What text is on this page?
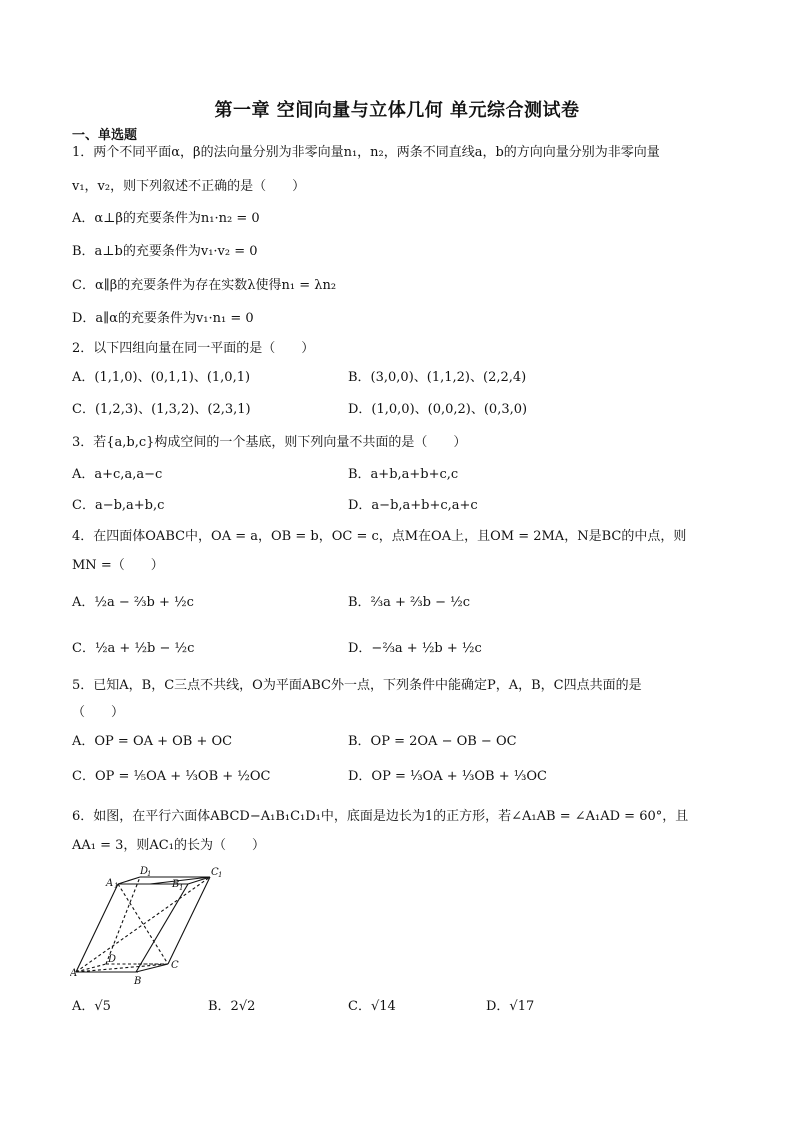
第一章 空间向量与立体几何 单元综合测试卷
一、单选题
1．两个不同平面α，β的法向量分别为非零向量n₁，n₂，两条不同直线a，b的方向向量分别为非零向量
v₁，v₂，则下列叙述不正确的是（　　）
A．α⊥β的充要条件为n₁·n₂ = 0
B．a⊥b的充要条件为v₁·v₂ = 0
C．α∥β的充要条件为存在实数λ使得n₁ = λn₂
D．a∥α的充要条件为v₁·n₁ = 0
2．以下四组向量在同一平面的是（　　）
A．(1,1,0)、(0,1,1)、(1,0,1)	B．(3,0,0)、(1,1,2)、(2,2,4)
C．(1,2,3)、(1,3,2)、(2,3,1)	D．(1,0,0)、(0,0,2)、(0,3,0)
3．若{a,b,c}构成空间的一个基底，则下列向量不共面的是（　　）
A．a+c,a,a−c	B．a+b,a+b+c,c
C．a−b,a+b,c	D．a−b,a+b+c,a+c
4．在四面体OABC中，OA = a，OB = b，OC = c，点M在OA上，且OM = 2MA，N是BC的中点，则
MN =（　　）
A．½a − ⅔b + ½c	B．⅔a + ⅔b − ½c
C．½a + ½b − ½c	D．−⅔a + ½b + ½c
5．已知A，B，C三点不共线，O为平面ABC外一点，下列条件中能确定P，A，B，C四点共面的是
（　　）
A．OP = OA + OB + OC	B．OP = 2OA − OB − OC
C．OP = ⅕OA + ⅓OB + ½OC	D．OP = ⅓OA + ⅓OB + ⅓OC
6．如图，在平行六面体ABCD−A₁B₁C₁D₁中，底面是边长为1的正方形，若∠A₁AB = ∠A₁AD = 60°，且
AA₁ = 3，则AC₁的长为（　　）
A
B
C
D
A 1	B 1
C 1
D
1
A．√5	B．2√2	C．√14	D．√17
